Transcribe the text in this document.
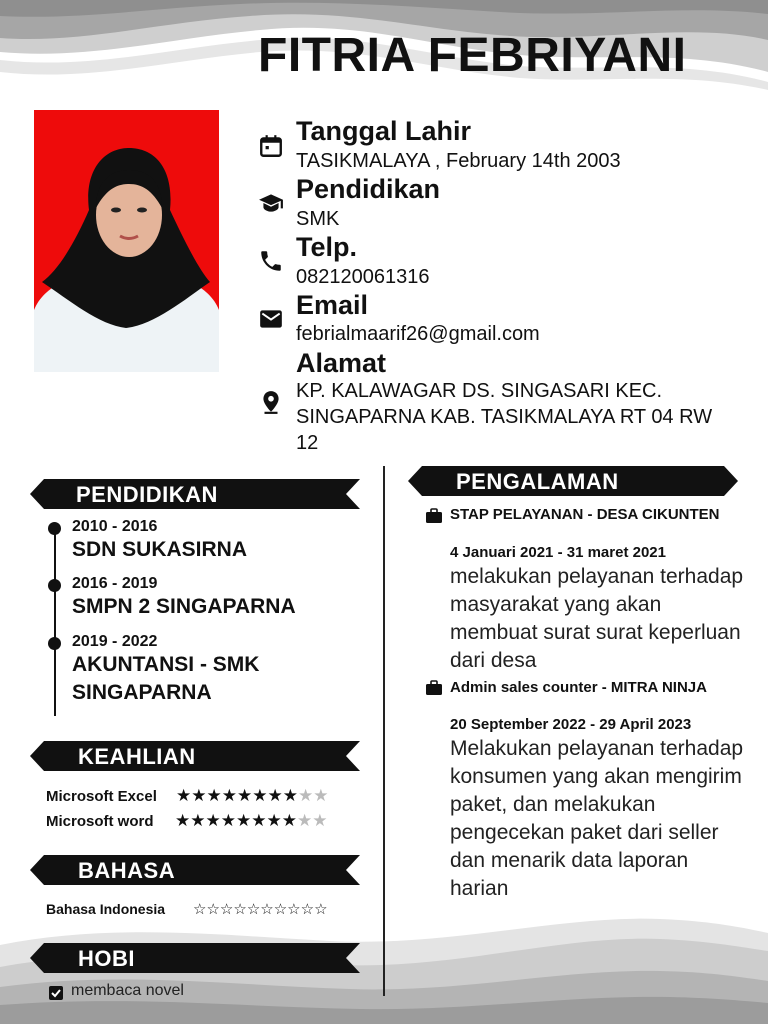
FITRIA FEBRIYANI
Tanggal Lahir
TASIKMALAYA , February 14th 2003
Pendidikan
SMK
Telp.
082120061316
Email
febrialmaarif26@gmail.com
Alamat
KP. KALAWAGAR DS. SINGASARI KEC. SINGAPARNA KAB. TASIKMALAYA RT 04 RW 12
PENDIDIKAN
2010 - 2016
SDN SUKASIRNA
2016 - 2019
SMPN 2 SINGAPARNA
2019 - 2022
AKUNTANSI - SMK SINGAPARNA
KEAHLIAN
Microsoft Excel ★★★★★★★★★★
Microsoft word ★★★★★★★★★★
BAHASA
Bahasa Indonesia ☆☆☆☆☆☆☆☆☆☆
HOBI
membaca novel
PENGALAMAN
STAP PELAYANAN - DESA CIKUNTEN
4 Januari 2021 - 31 maret 2021
melakukan pelayanan terhadap masyarakat yang akan membuat surat surat keperluan dari desa
Admin sales counter - MITRA NINJA
20 September 2022 - 29 April 2023
Melakukan pelayanan terhadap konsumen yang akan mengirim paket, dan melakukan pengecekan paket dari seller dan menarik data laporan harian
